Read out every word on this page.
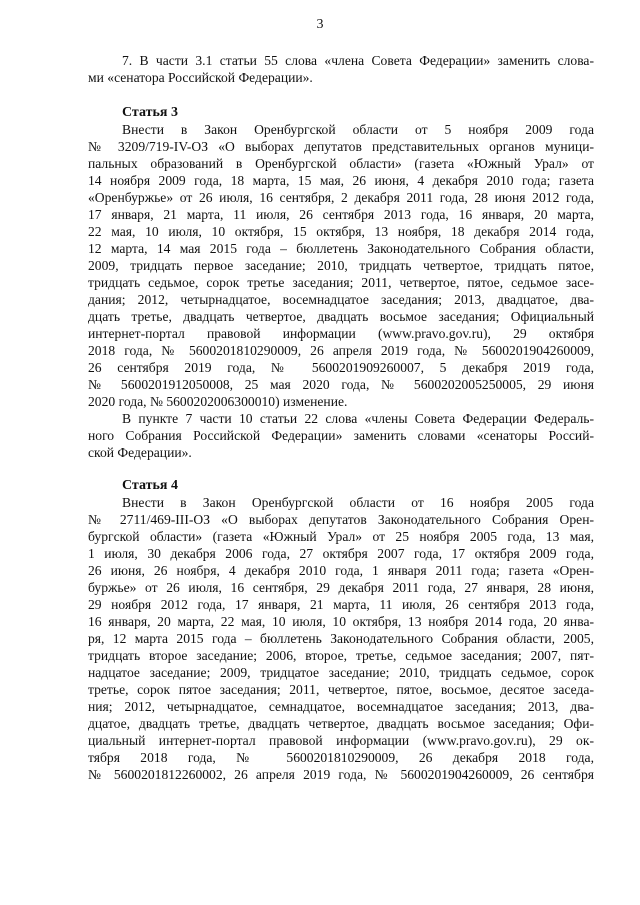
3
7. В части 3.1 статьи 55 слова «члена Совета Федерации» заменить слова-
ми «сенатора Российской Федерации».
Статья 3
Внести в Закон Оренбургской области от 5 ноября 2009 года
№ 3209/719-IV-ОЗ «О выборах депутатов представительных органов муници-
пальных образований в Оренбургской области» (газета «Южный Урал» от
14 ноября 2009 года, 18 марта, 15 мая, 26 июня, 4 декабря 2010 года; газета
«Оренбуржье» от 26 июля, 16 сентября, 2 декабря 2011 года, 28 июня 2012 года,
17 января, 21 марта, 11 июля, 26 сентября 2013 года, 16 января, 20 марта,
22 мая, 10 июля, 10 октября, 15 октября, 13 ноября, 18 декабря 2014 года,
12 марта, 14 мая 2015 года – бюллетень Законодательного Собрания области,
2009, тридцать первое заседание; 2010, тридцать четвертое, тридцать пятое,
тридцать седьмое, сорок третье заседания; 2011, четвертое, пятое, седьмое засе-
дания; 2012, четырнадцатое, восемнадцатое заседания; 2013, двадцатое, два-
дцать третье, двадцать четвертое, двадцать восьмое заседания; Официальный
интернет-портал правовой информации (www.pravo.gov.ru), 29 октября
2018 года, № 5600201810290009, 26 апреля 2019 года, № 5600201904260009,
26 сентября 2019 года, № 5600201909260007, 5 декабря 2019 года,
№ 5600201912050008, 25 мая 2020 года, № 5600202005250005, 29 июня
2020 года, № 5600202006300010) изменение.
В пункте 7 части 10 статьи 22 слова «члены Совета Федерации Федераль-
ного Собрания Российской Федерации» заменить словами «сенаторы Россий-
ской Федерации».
Статья 4
Внести в Закон Оренбургской области от 16 ноября 2005 года
№ 2711/469-III-ОЗ «О выборах депутатов Законодательного Собрания Орен-
бургской области» (газета «Южный Урал» от 25 ноября 2005 года, 13 мая,
1 июля, 30 декабря 2006 года, 27 октября 2007 года, 17 октября 2009 года,
26 июня, 26 ноября, 4 декабря 2010 года, 1 января 2011 года; газета «Орен-
буржье» от 26 июля, 16 сентября, 29 декабря 2011 года, 27 января, 28 июня,
29 ноября 2012 года, 17 января, 21 марта, 11 июля, 26 сентября 2013 года,
16 января, 20 марта, 22 мая, 10 июля, 10 октября, 13 ноября 2014 года, 20 янва-
ря, 12 марта 2015 года – бюллетень Законодательного Собрания области, 2005,
тридцать второе заседание; 2006, второе, третье, седьмое заседания; 2007, пят-
надцатое заседание; 2009, тридцатое заседание; 2010, тридцать седьмое, сорок
третье, сорок пятое заседания; 2011, четвертое, пятое, восьмое, десятое заседа-
ния; 2012, четырнадцатое, семнадцатое, восемнадцатое заседания; 2013, два-
дцатое, двадцать третье, двадцать четвертое, двадцать восьмое заседания; Офи-
циальный интернет-портал правовой информации (www.pravo.gov.ru), 29 ок-
тября 2018 года, № 5600201810290009, 26 декабря 2018 года,
№ 5600201812260002, 26 апреля 2019 года, № 5600201904260009, 26 сентября
